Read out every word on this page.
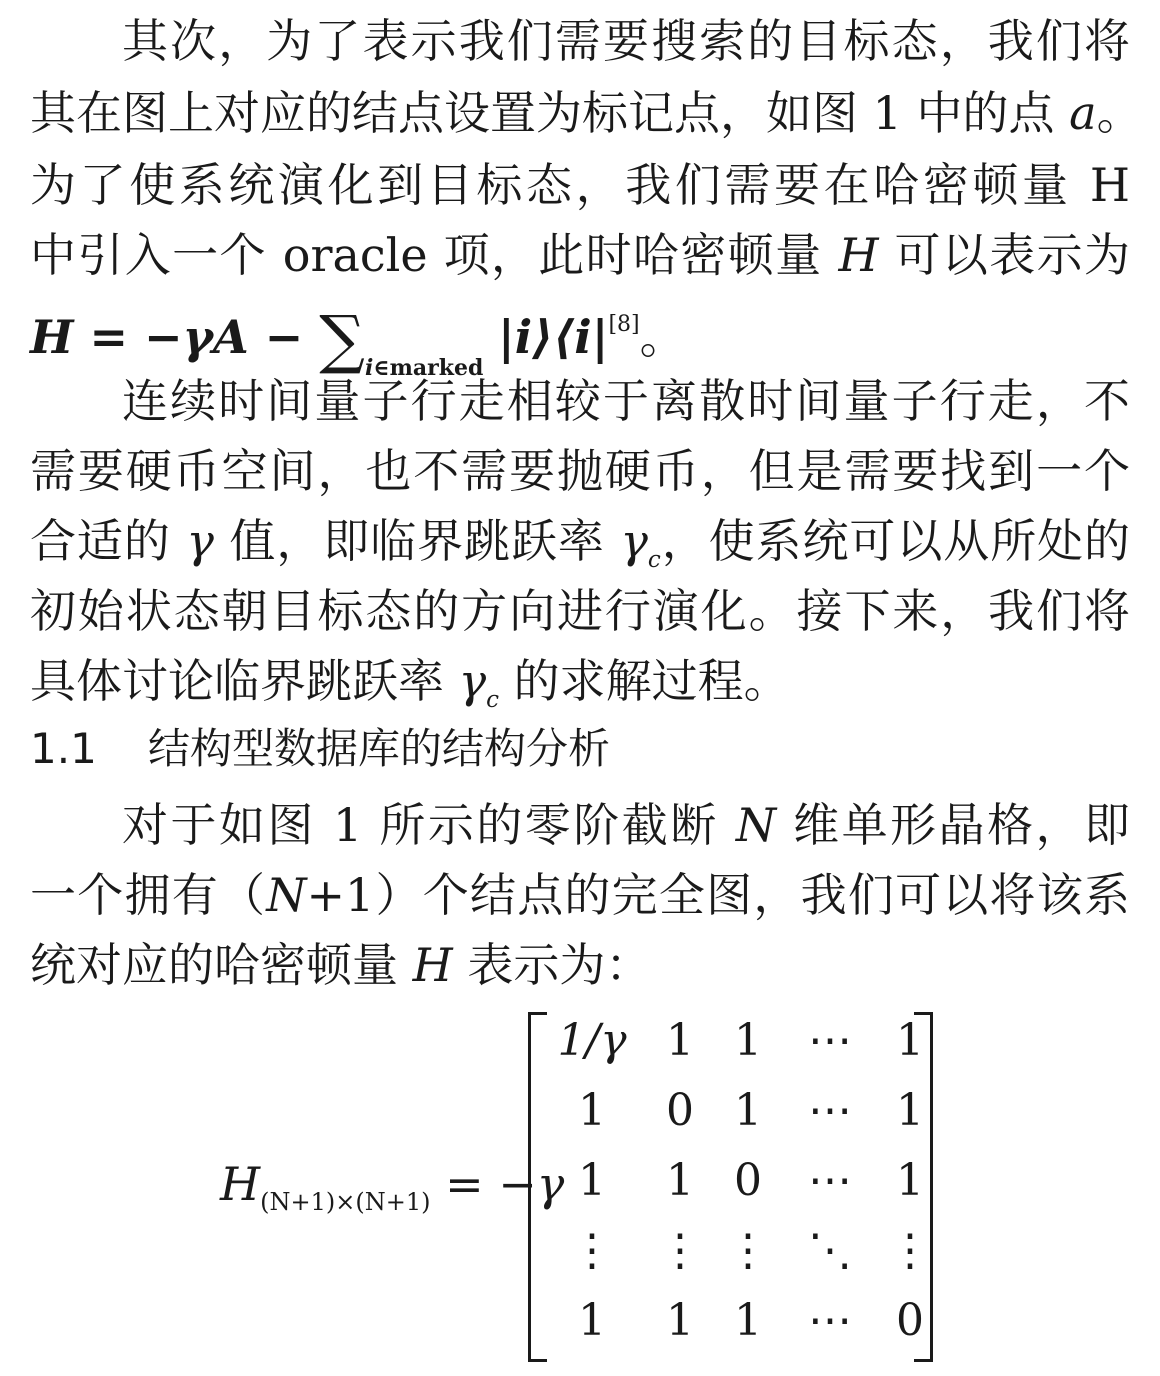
其次，为了表示我们需要搜索的目标态，我们将
其在图上对应的结点设置为标记点，如图 1 中的点 a。
为了使系统演化到目标态，我们需要在哈密顿量 H
中引入一个 oracle 项，此时哈密顿量 H 可以表示为
$H = -\gamma A - \sum_{i\in marked}$ |i⟩⟨i|[8]。
连续时间量子行走相较于离散时间量子行走，不
需要硬币空间，也不需要抛硬币，但是需要找到一个
合适的 γ 值，即临界跳跃率 $\gamma_c$，使系统可以从所处的
初始状态朝目标态的方向进行演化。接下来，我们将
具体讨论临界跳跃率 $\gamma_c$ 的求解过程。
1.1 结构型数据库的结构分析
对于如图 1 所示的零阶截断 N 维单形晶格，即
一个拥有（N+1）个结点的完全图，我们可以将该系
统对应的哈密顿量 H 表示为：
$H_{(N+1)\times(N+1)} = -\gamma$
1/γ 1 1	⋯	1
1	0 1	⋯	1
1	1 0	⋯	1
⋮	⋮ ⋮ ⋱ ⋮
1	1 1	⋯	0
